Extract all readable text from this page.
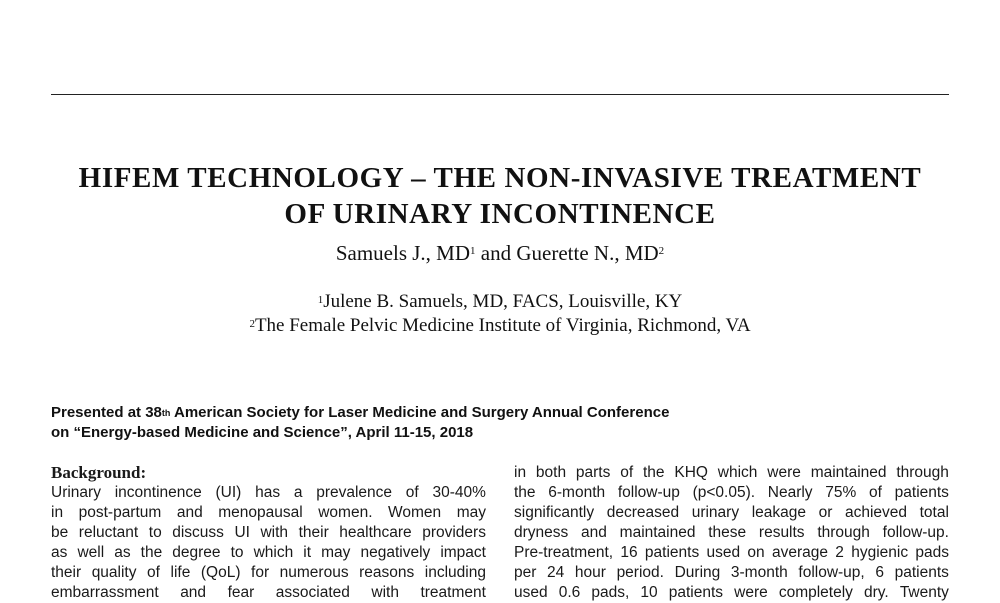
HIFEM TECHNOLOGY – THE NON-INVASIVE TREATMENT
OF URINARY INCONTINENCE
Samuels J., $MD^1$ and Guerette N., $MD^2$
$^1$Julene B. Samuels, MD, FACS, Louisville, KY
$^2$The Female Pelvic Medicine Institute of Virginia, Richmond, VA
Presented at 38th American Society for Laser Medicine and Surgery Annual Conference
on “Energy-based Medicine and Science”, April 11-15, 2018
Background:
Urinary incontinence (UI) has a prevalence of 30-40%
in post-partum and menopausal women. Women may
be reluctant to discuss UI with their healthcare providers
as well as the degree to which it may negatively impact
their quality of life (QoL) for numerous reasons including
embarrassment and fear associated with treatment
in both parts of the KHQ which were maintained through
the 6-month follow-up (p<0.05). Nearly 75% of patients
significantly decreased urinary leakage or achieved total
dryness and maintained these results through follow-up.
Pre-treatment, 16 patients used on average 2 hygienic pads
per 24 hour period. During 3-month follow-up, 6 patients
used 0.6 pads, 10 patients were completely dry. Twenty
